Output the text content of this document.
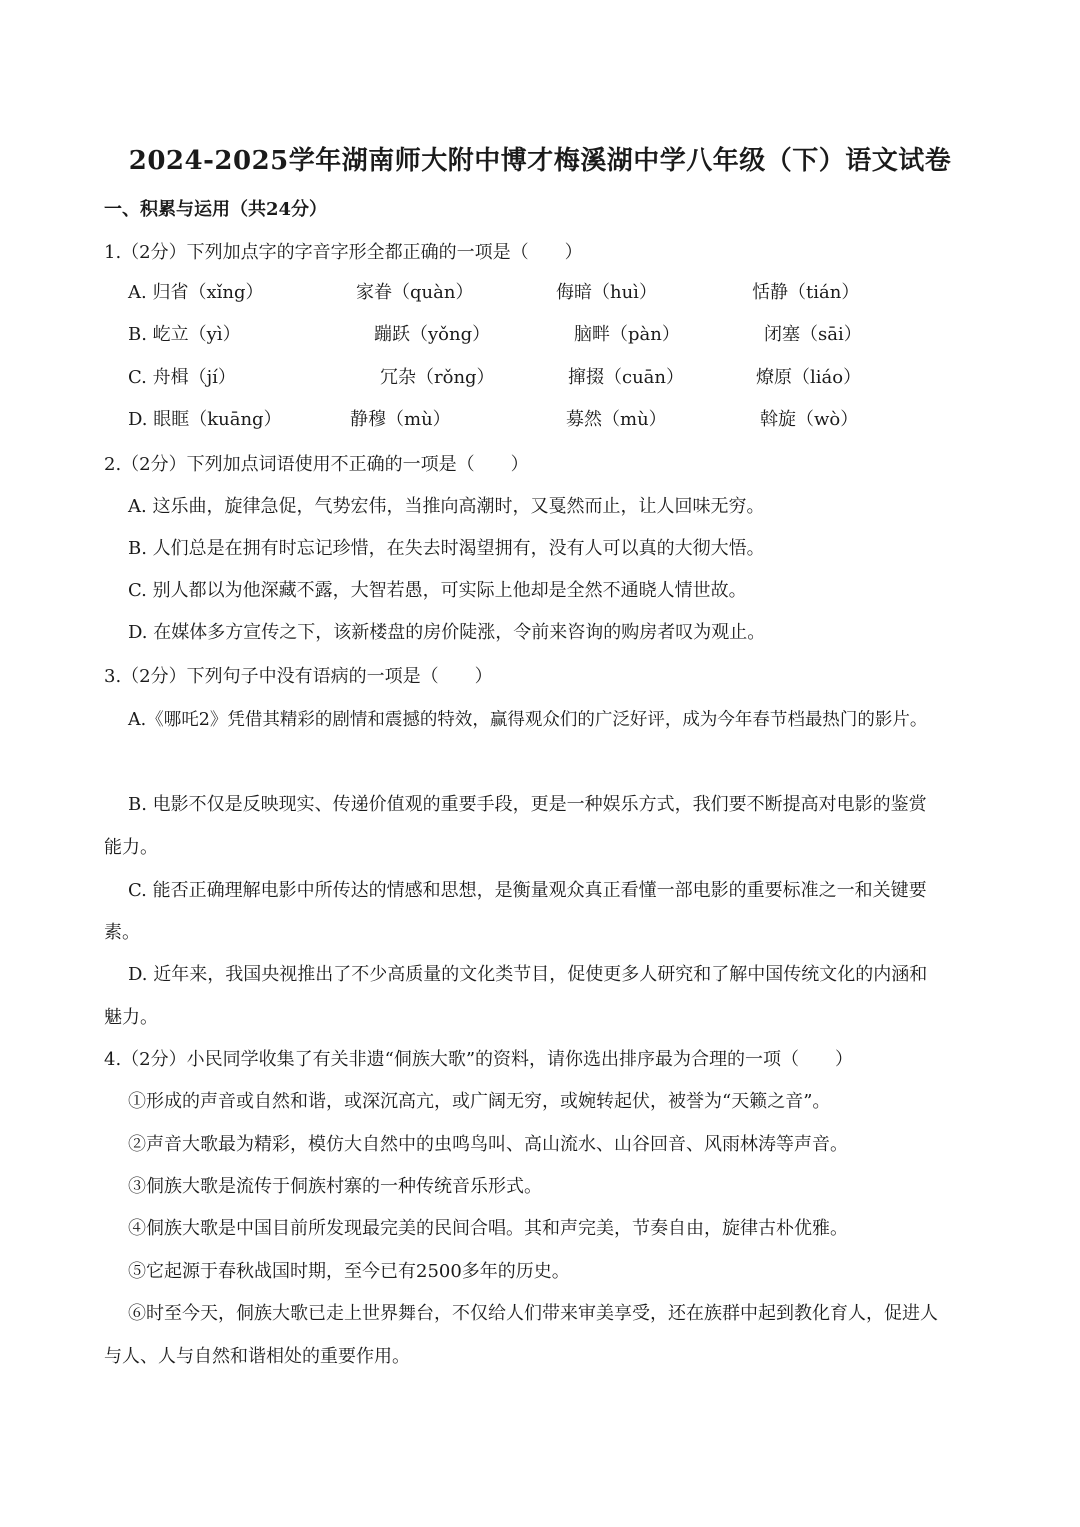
2024-2025学年湖南师大附中博才梅溪湖中学八年级（下）语文试卷
一、积累与运用（共24分）
1.（2分）下列加点字的字音字形全都正确的一项是（　　）
A. 归省（xǐng）	家眷（quàn）	侮暗（huì）	恬静（tián）
B. 屹立（yì）	蹦跃（yǒng）	脑畔（pàn）	闭塞（sāi）
C. 舟楫（jí）	冗杂（rǒng）	撺掇（cuān）	燎原（liáo）
D. 眼眶（kuāng）	静穆（mù）	募然（mù）	斡旋（wò）
2.（2分）下列加点词语使用不正确的一项是（　　）
A. 这乐曲，旋律急促，气势宏伟，当推向高潮时，又戛然而止，让人回味无穷。
B. 人们总是在拥有时忘记珍惜，在失去时渴望拥有，没有人可以真的大彻大悟。
C. 别人都以为他深藏不露，大智若愚，可实际上他却是全然不通晓人情世故。
D. 在媒体多方宣传之下，该新楼盘的房价陡涨，令前来咨询的购房者叹为观止。
3.（2分）下列句子中没有语病的一项是（　　）
A.《哪吒2》凭借其精彩的剧情和震撼的特效，赢得观众们的广泛好评，成为今年春节档最热门的影片。
B. 电影不仅是反映现实、传递价值观的重要手段，更是一种娱乐方式，我们要不断提高对电影的鉴赏
能力。
C. 能否正确理解电影中所传达的情感和思想，是衡量观众真正看懂一部电影的重要标准之一和关键要
素。
D. 近年来，我国央视推出了不少高质量的文化类节目，促使更多人研究和了解中国传统文化的内涵和
魅力。
4.（2分）小民同学收集了有关非遗“侗族大歌”的资料，请你选出排序最为合理的一项（　　）
①形成的声音或自然和谐，或深沉高亢，或广阔无穷，或婉转起伏，被誉为“天籁之音”。
②声音大歌最为精彩，模仿大自然中的虫鸣鸟叫、高山流水、山谷回音、风雨林涛等声音。
③侗族大歌是流传于侗族村寨的一种传统音乐形式。
④侗族大歌是中国目前所发现最完美的民间合唱。其和声完美，节奏自由，旋律古朴优雅。
⑤它起源于春秋战国时期，至今已有2500多年的历史。
⑥时至今天，侗族大歌已走上世界舞台，不仅给人们带来审美享受，还在族群中起到教化育人，促进人
与人、人与自然和谐相处的重要作用。
